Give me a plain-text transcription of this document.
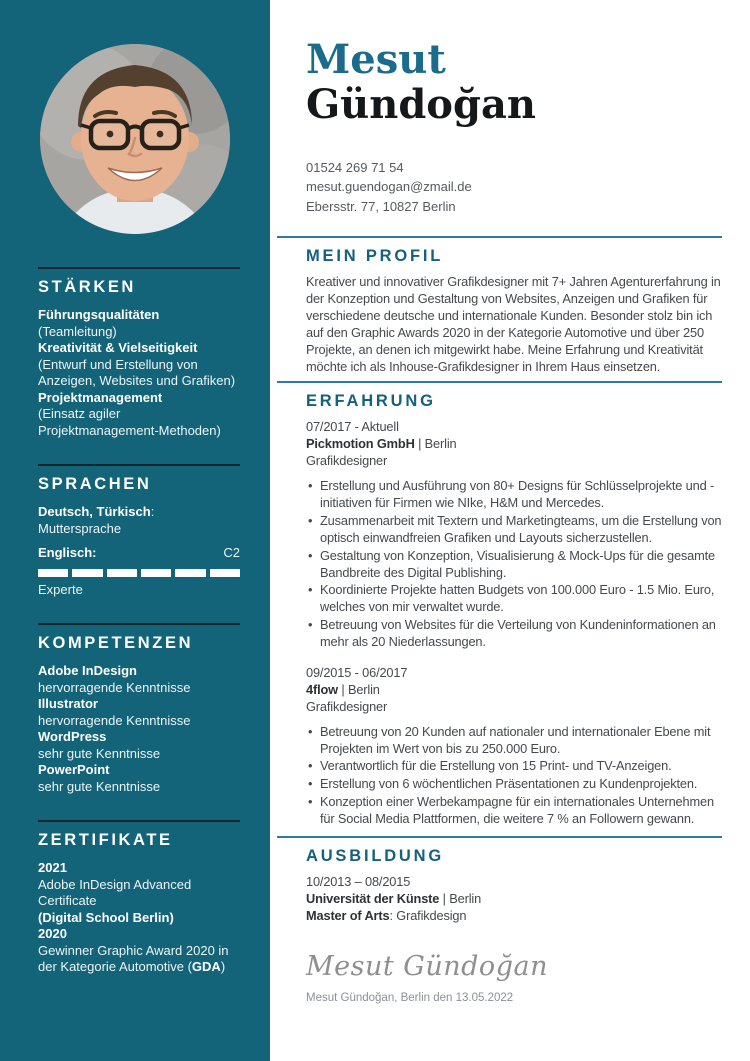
STÄRKEN
Führungsqualitäten
(Teamleitung)
Kreativität & Vielseitigkeit
(Entwurf und Erstellung von Anzeigen, Websites und Grafiken)
Projektmanagement
(Einsatz agiler Projektmanagement-Methoden)
SPRACHEN
Deutsch, Türkisch: Muttersprache
Englisch:	C2
Experte
KOMPETENZEN
Adobe InDesign
hervorragende Kenntnisse
Illustrator
hervorragende Kenntnisse
WordPress
sehr gute Kenntnisse
PowerPoint
sehr gute Kenntnisse
ZERTIFIKATE
2021
Adobe InDesign Advanced Certificate
(Digital School Berlin)
2020
Gewinner Graphic Award 2020 in der Kategorie Automotive (GDA)
Mesut
Gündoğan
01524 269 71 54
mesut.guendogan@zmail.de
Ebersstr. 77, 10827 Berlin
MEIN PROFIL

Kreativer und innovativer Grafikdesigner mit 7+ Jahren Agenturerfahrung in der Konzeption und Gestaltung von Websites, Anzeigen und Grafiken für verschiedene deutsche und internationale Kunden. Besonder stolz bin ich auf den Graphic Awards 2020 in der Kategorie Automotive und über 250 Projekte, an denen ich mitgewirkt habe. Meine Erfahrung und Kreativität möchte ich als Inhouse-Grafikdesigner in Ihrem Haus einsetzen.

ERFAHRUNG
07/2017 - Aktuell
Pickmotion GmbH | Berlin
Grafikdesigner
• Erstellung und Ausführung von 80+ Designs für Schlüsselprojekte und -initiativen für Firmen wie NIke, H&M und Mercedes.
• Zusammenarbeit mit Textern und Marketingteams, um die Erstellung von optisch einwandfreien Grafiken und Layouts sicherzustellen.
• Gestaltung von Konzeption, Visualisierung & Mock-Ups für die gesamte Bandbreite des Digital Publishing.
• Koordinierte Projekte hatten Budgets von 100.000 Euro - 1.5 Mio. Euro, welches von mir verwaltet wurde.
• Betreuung von Websites für die Verteilung von Kundeninformationen an mehr als 20 Niederlassungen.
09/2015 - 06/2017
4flow | Berlin
Grafikdesigner
• Betreuung von 20 Kunden auf nationaler und internationaler Ebene mit Projekten im Wert von bis zu 250.000 Euro.
• Verantwortlich für die Erstellung von 15 Print- und TV-Anzeigen.
• Erstellung von 6 wöchentlichen Präsentationen zu Kundenprojekten.
• Konzeption einer Werbekampagne für ein internationales Unternehmen für Social Media Plattformen, die weitere 7 % an Followern gewann.
AUSBILDUNG
10/2013 – 08/2015
Universität der Künste | Berlin
Master of Arts: Grafikdesign
Mesut Gündoğan
Mesut Gündoğan, Berlin den 13.05.2022
